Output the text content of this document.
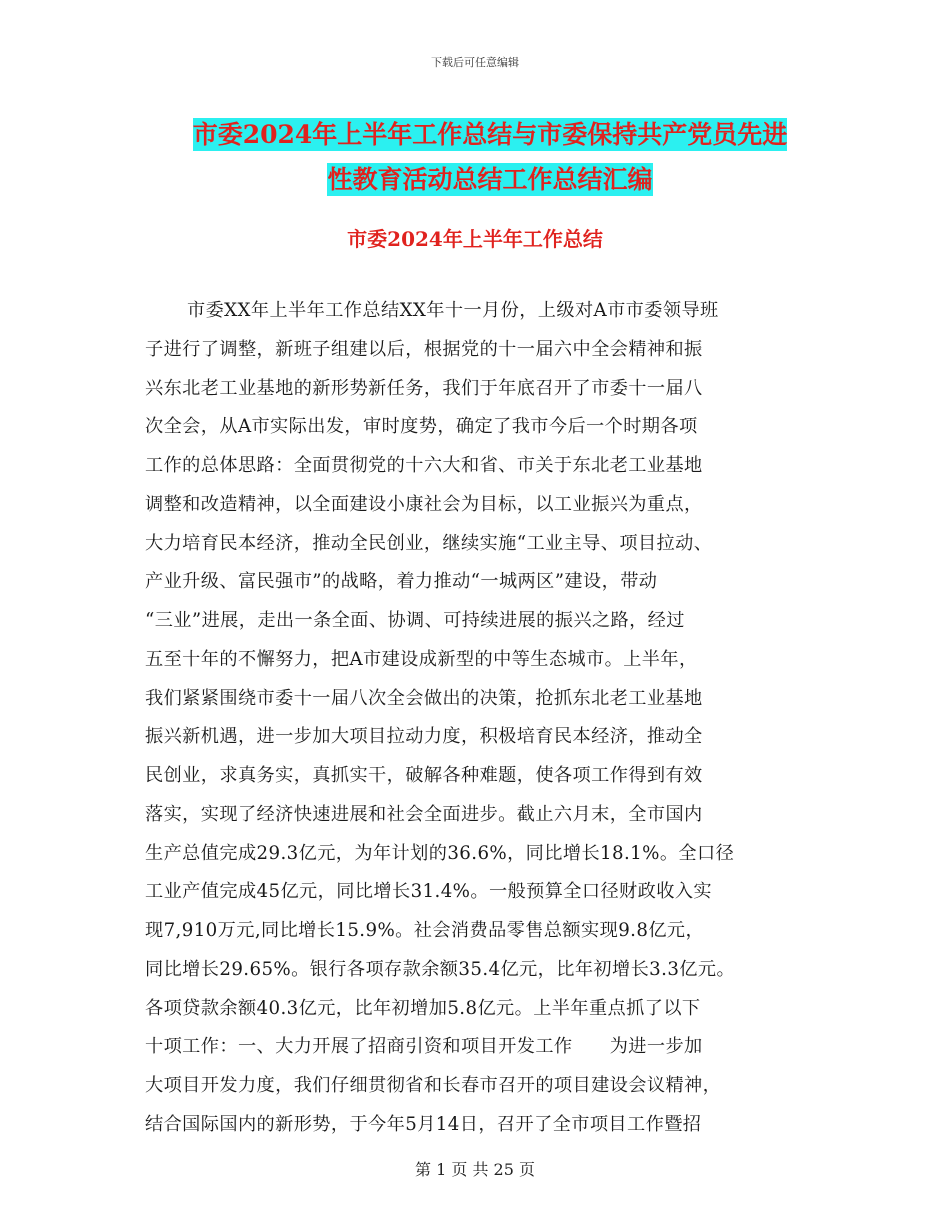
下载后可任意编辑
市委2024年上半年工作总结与市委保持共产党员先进
性教育活动总结工作总结汇编
市委2024年上半年工作总结
市委XX年上半年工作总结XX年十一月份，上级对A市市委领导班
子进行了调整，新班子组建以后，根据党的十一届六中全会精神和振
兴东北老工业基地的新形势新任务，我们于年底召开了市委十一届八
次全会，从A市实际出发，审时度势，确定了我市今后一个时期各项
工作的总体思路：全面贯彻党的十六大和省、市关于东北老工业基地
调整和改造精神，以全面建设小康社会为目标，以工业振兴为重点，
大力培育民本经济，推动全民创业，继续实施“工业主导、项目拉动、
产业升级、富民强市”的战略，着力推动“一城两区”建设，带动
“三业”进展，走出一条全面、协调、可持续进展的振兴之路，经过
五至十年的不懈努力，把A市建设成新型的中等生态城市。上半年，
我们紧紧围绕市委十一届八次全会做出的决策，抢抓东北老工业基地
振兴新机遇，进一步加大项目拉动力度，积极培育民本经济，推动全
民创业，求真务实，真抓实干，破解各种难题，使各项工作得到有效
落实，实现了经济快速进展和社会全面进步。截止六月末，全市国内
生产总值完成29.3亿元，为年计划的36.6%，同比增长18.1%。全口径
工业产值完成45亿元，同比增长31.4%。一般预算全口径财政收入实
现7,910万元,同比增长15.9%。社会消费品零售总额实现9.8亿元，
同比增长29.65%。银行各项存款余额35.4亿元，比年初增长3.3亿元。
各项贷款余额40.3亿元，比年初增加5.8亿元。上半年重点抓了以下
十项工作：一、大力开展了招商引资和项目开发工作　　为进一步加
大项目开发力度，我们仔细贯彻省和长春市召开的项目建设会议精神，
结合国际国内的新形势，于今年5月14日，召开了全市项目工作暨招
第 1 页 共 25 页
